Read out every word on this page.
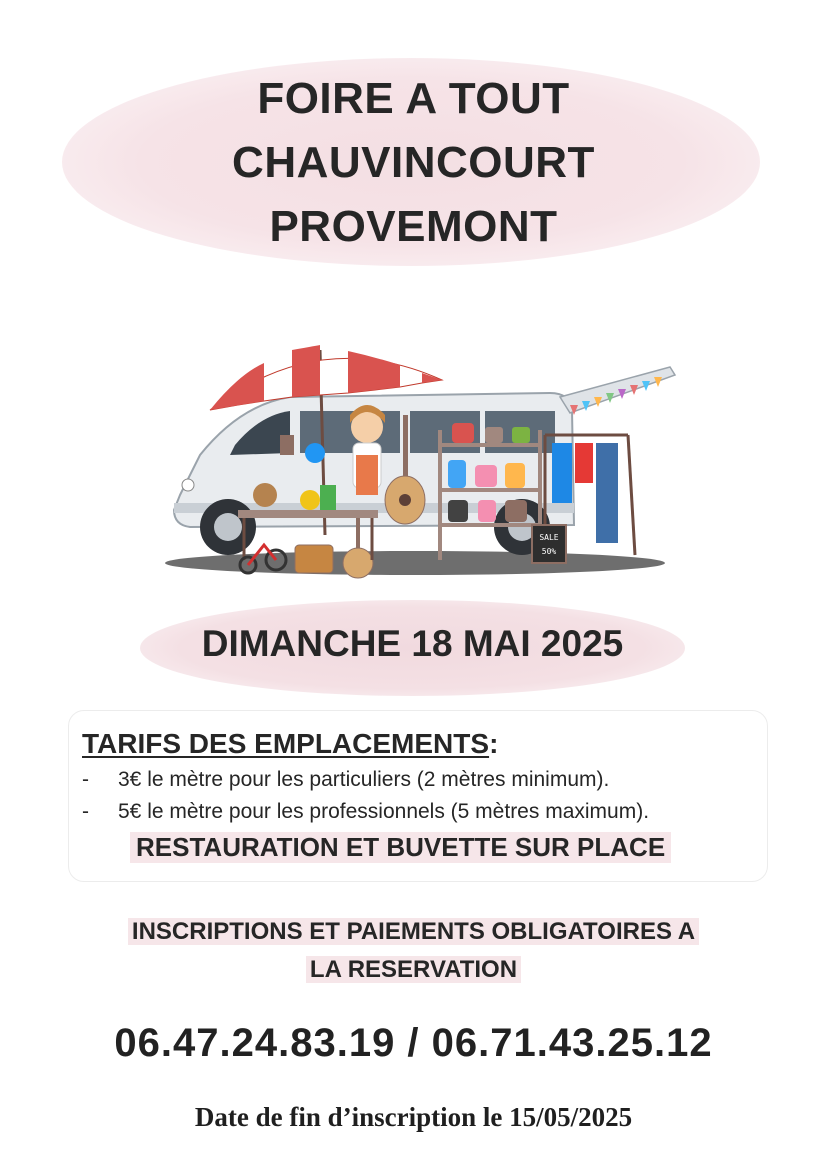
FOIRE A TOUT
CHAUVINCOURT
PROVEMONT
SALE
50%
DIMANCHE 18 MAI 2025
TARIFS DES EMPLACEMENTS:
- 3€ le mètre pour les particuliers (2 mètres minimum).
- 5€ le mètre pour les professionnels (5 mètres maximum).
RESTAURATION ET BUVETTE SUR PLACE
INSCRIPTIONS ET PAIEMENTS OBLIGATOIRES A
LA RESERVATION
06.47.24.83.19 / 06.71.43.25.12
Date de fin d’inscription le 15/05/2025
